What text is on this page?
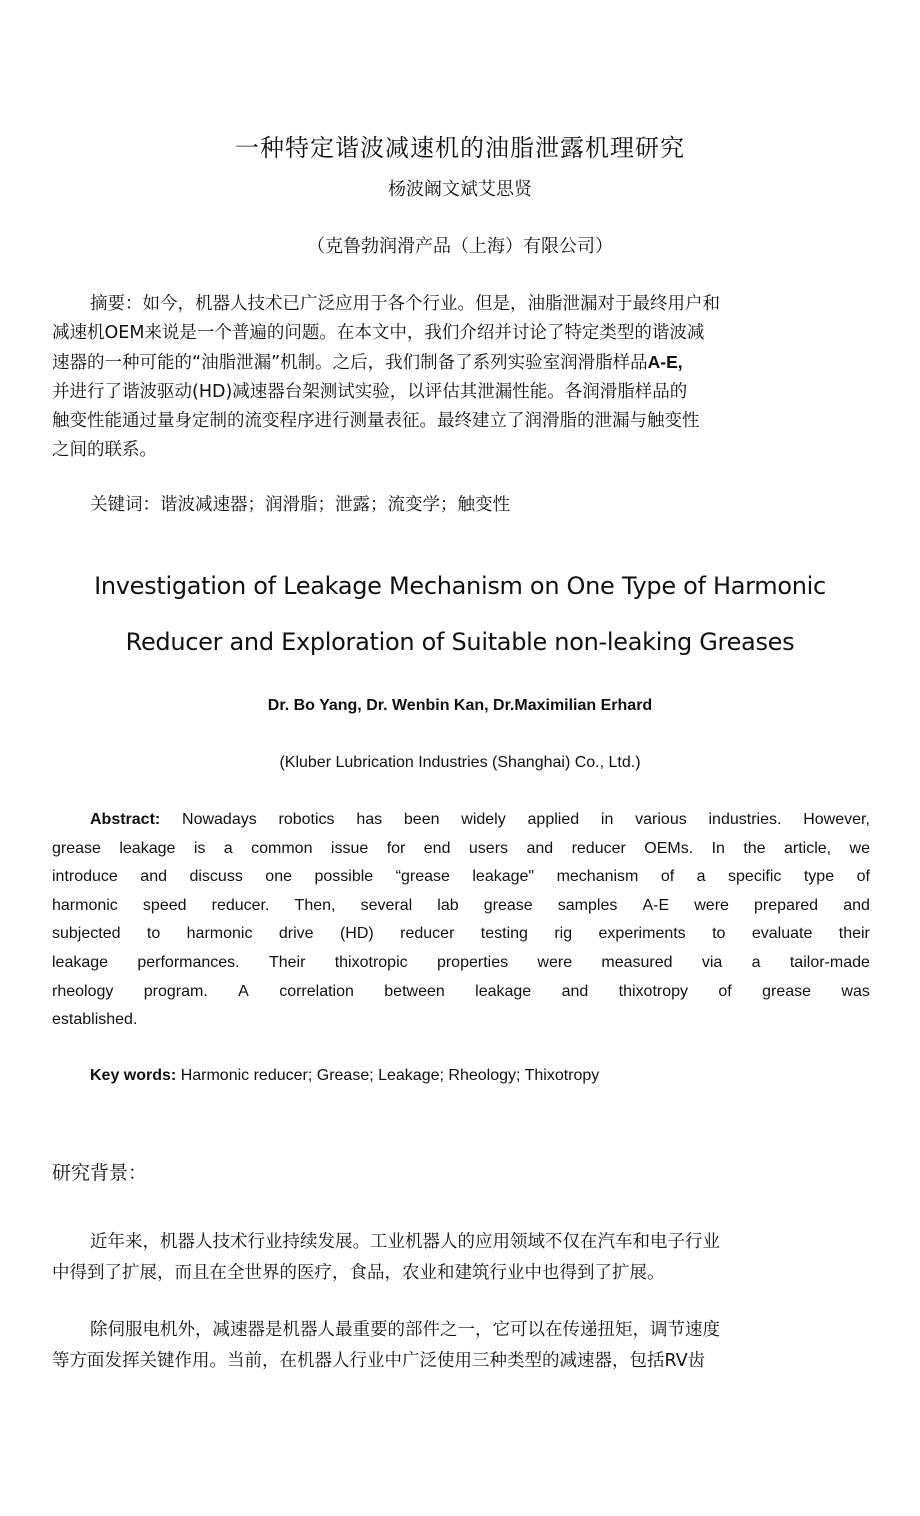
一种特定谐波减速机的油脂泄露机理研究
杨波阚文斌艾思贤
（克鲁勃润滑产品（上海）有限公司）
摘要：如今，机器人技术已广泛应用于各个行业。但是，油脂泄漏对于最终用户和
减速机OEM来说是一个普遍的问题。在本文中，我们介绍并讨论了特定类型的谐波减
速器的一种可能的“油脂泄漏”机制。之后，我们制备了系列实验室润滑脂样品A-E,
并进行了谐波驱动(HD)减速器台架测试实验，以评估其泄漏性能。各润滑脂样品的
触变性能通过量身定制的流变程序进行测量表征。最终建立了润滑脂的泄漏与触变性
之间的联系。
关键词：谐波减速器；润滑脂；泄露；流变学；触变性
Investigation of Leakage Mechanism on One Type of Harmonic
Reducer and Exploration of Suitable non-leaking Greases
Dr. Bo Yang, Dr. Wenbin Kan, Dr.Maximilian Erhard
(Kluber Lubrication Industries (Shanghai) Co., Ltd.)
Abstract: Nowadays robotics has been widely applied in various industries. However,
grease leakage is a common issue for end users and reducer OEMs. In the article, we
introduce and discuss one possible “grease leakage" mechanism of a specific type of
harmonic speed reducer. Then, several lab grease samples A-E were prepared and
subjected to harmonic drive (HD) reducer testing rig experiments to evaluate their
leakage performances. Their thixotropic properties were measured via a tailor-made
rheology program. A correlation between leakage and thixotropy of grease was
established.
Key words: Harmonic reducer; Grease; Leakage; Rheology; Thixotropy
研究背景：
近年来，机器人技术行业持续发展。工业机器人的应用领域不仅在汽车和电子行业
中得到了扩展，而且在全世界的医疗，食品，农业和建筑行业中也得到了扩展。
除伺服电机外，减速器是机器人最重要的部件之一，它可以在传递扭矩，调节速度
等方面发挥关键作用。当前，在机器人行业中广泛使用三种类型的减速器，包括RV齿
